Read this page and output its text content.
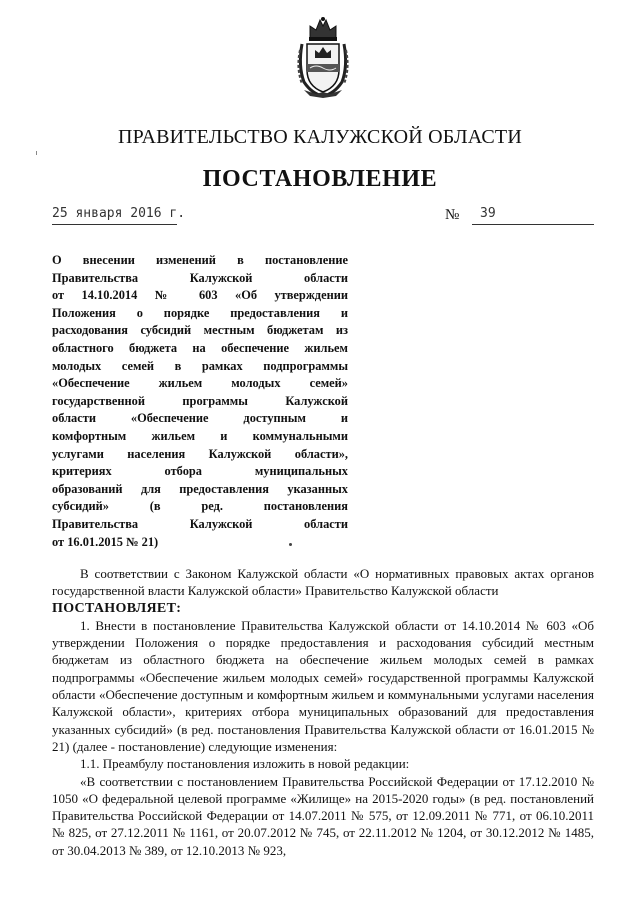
ПРАВИТЕЛЬСТВО КАЛУЖСКОЙ ОБЛАСТИ
ПОСТАНОВЛЕНИЕ
25 января 2016 г.	№ 39
О внесении изменений в постановление
Правительства Калужской области
от 14.10.2014 № 603 «Об утверждении
Положения о порядке предоставления и
расходования субсидий местным бюджетам из
областного бюджета на обеспечение жильем
молодых семей в рамках подпрограммы
«Обеспечение жильем молодых семей»
государственной программы Калужской
области «Обеспечение доступным и
комфортным жильем и коммунальными
услугами населения Калужской области»,
критериях отбора муниципальных
образований для предоставления указанных
субсидий» (в ред. постановления
Правительства Калужской области
от 16.01.2015 № 21)

В соответствии с Законом Калужской области «О нормативных правовых актах органов государственной власти Калужской области» Правительство Калужской области

ПОСТАНОВЛЯЕТ:

1. Внести в постановление Правительства Калужской области от 14.10.2014 № 603 «Об утверждении Положения о порядке предоставления и расходования субсидий местным бюджетам из областного бюджета на обеспечение жильем молодых семей в рамках подпрограммы «Обеспечение жильем молодых семей» государственной программы Калужской области «Обеспечение доступным и комфортным жильем и коммунальными услугами населения Калужской области», критериях отбора муниципальных образований для предоставления указанных субсидий» (в ред. постановления Правительства Калужской области от 16.01.2015 № 21) (далее - постановление) следующие изменения:

1.1. Преамбулу постановления изложить в новой редакции:

«В соответствии с постановлением Правительства Российской Федерации от 17.12.2010 № 1050 «О федеральной целевой программе «Жилище» на 2015-2020 годы» (в ред. постановлений Правительства Российской Федерации от 14.07.2011 № 575, от 12.09.2011 № 771, от 06.10.2011 № 825, от 27.12.2011 № 1161, от 20.07.2012 № 745, от 22.11.2012 № 1204, от 30.12.2012 № 1485, от 30.04.2013 № 389, от 12.10.2013 № 923,
